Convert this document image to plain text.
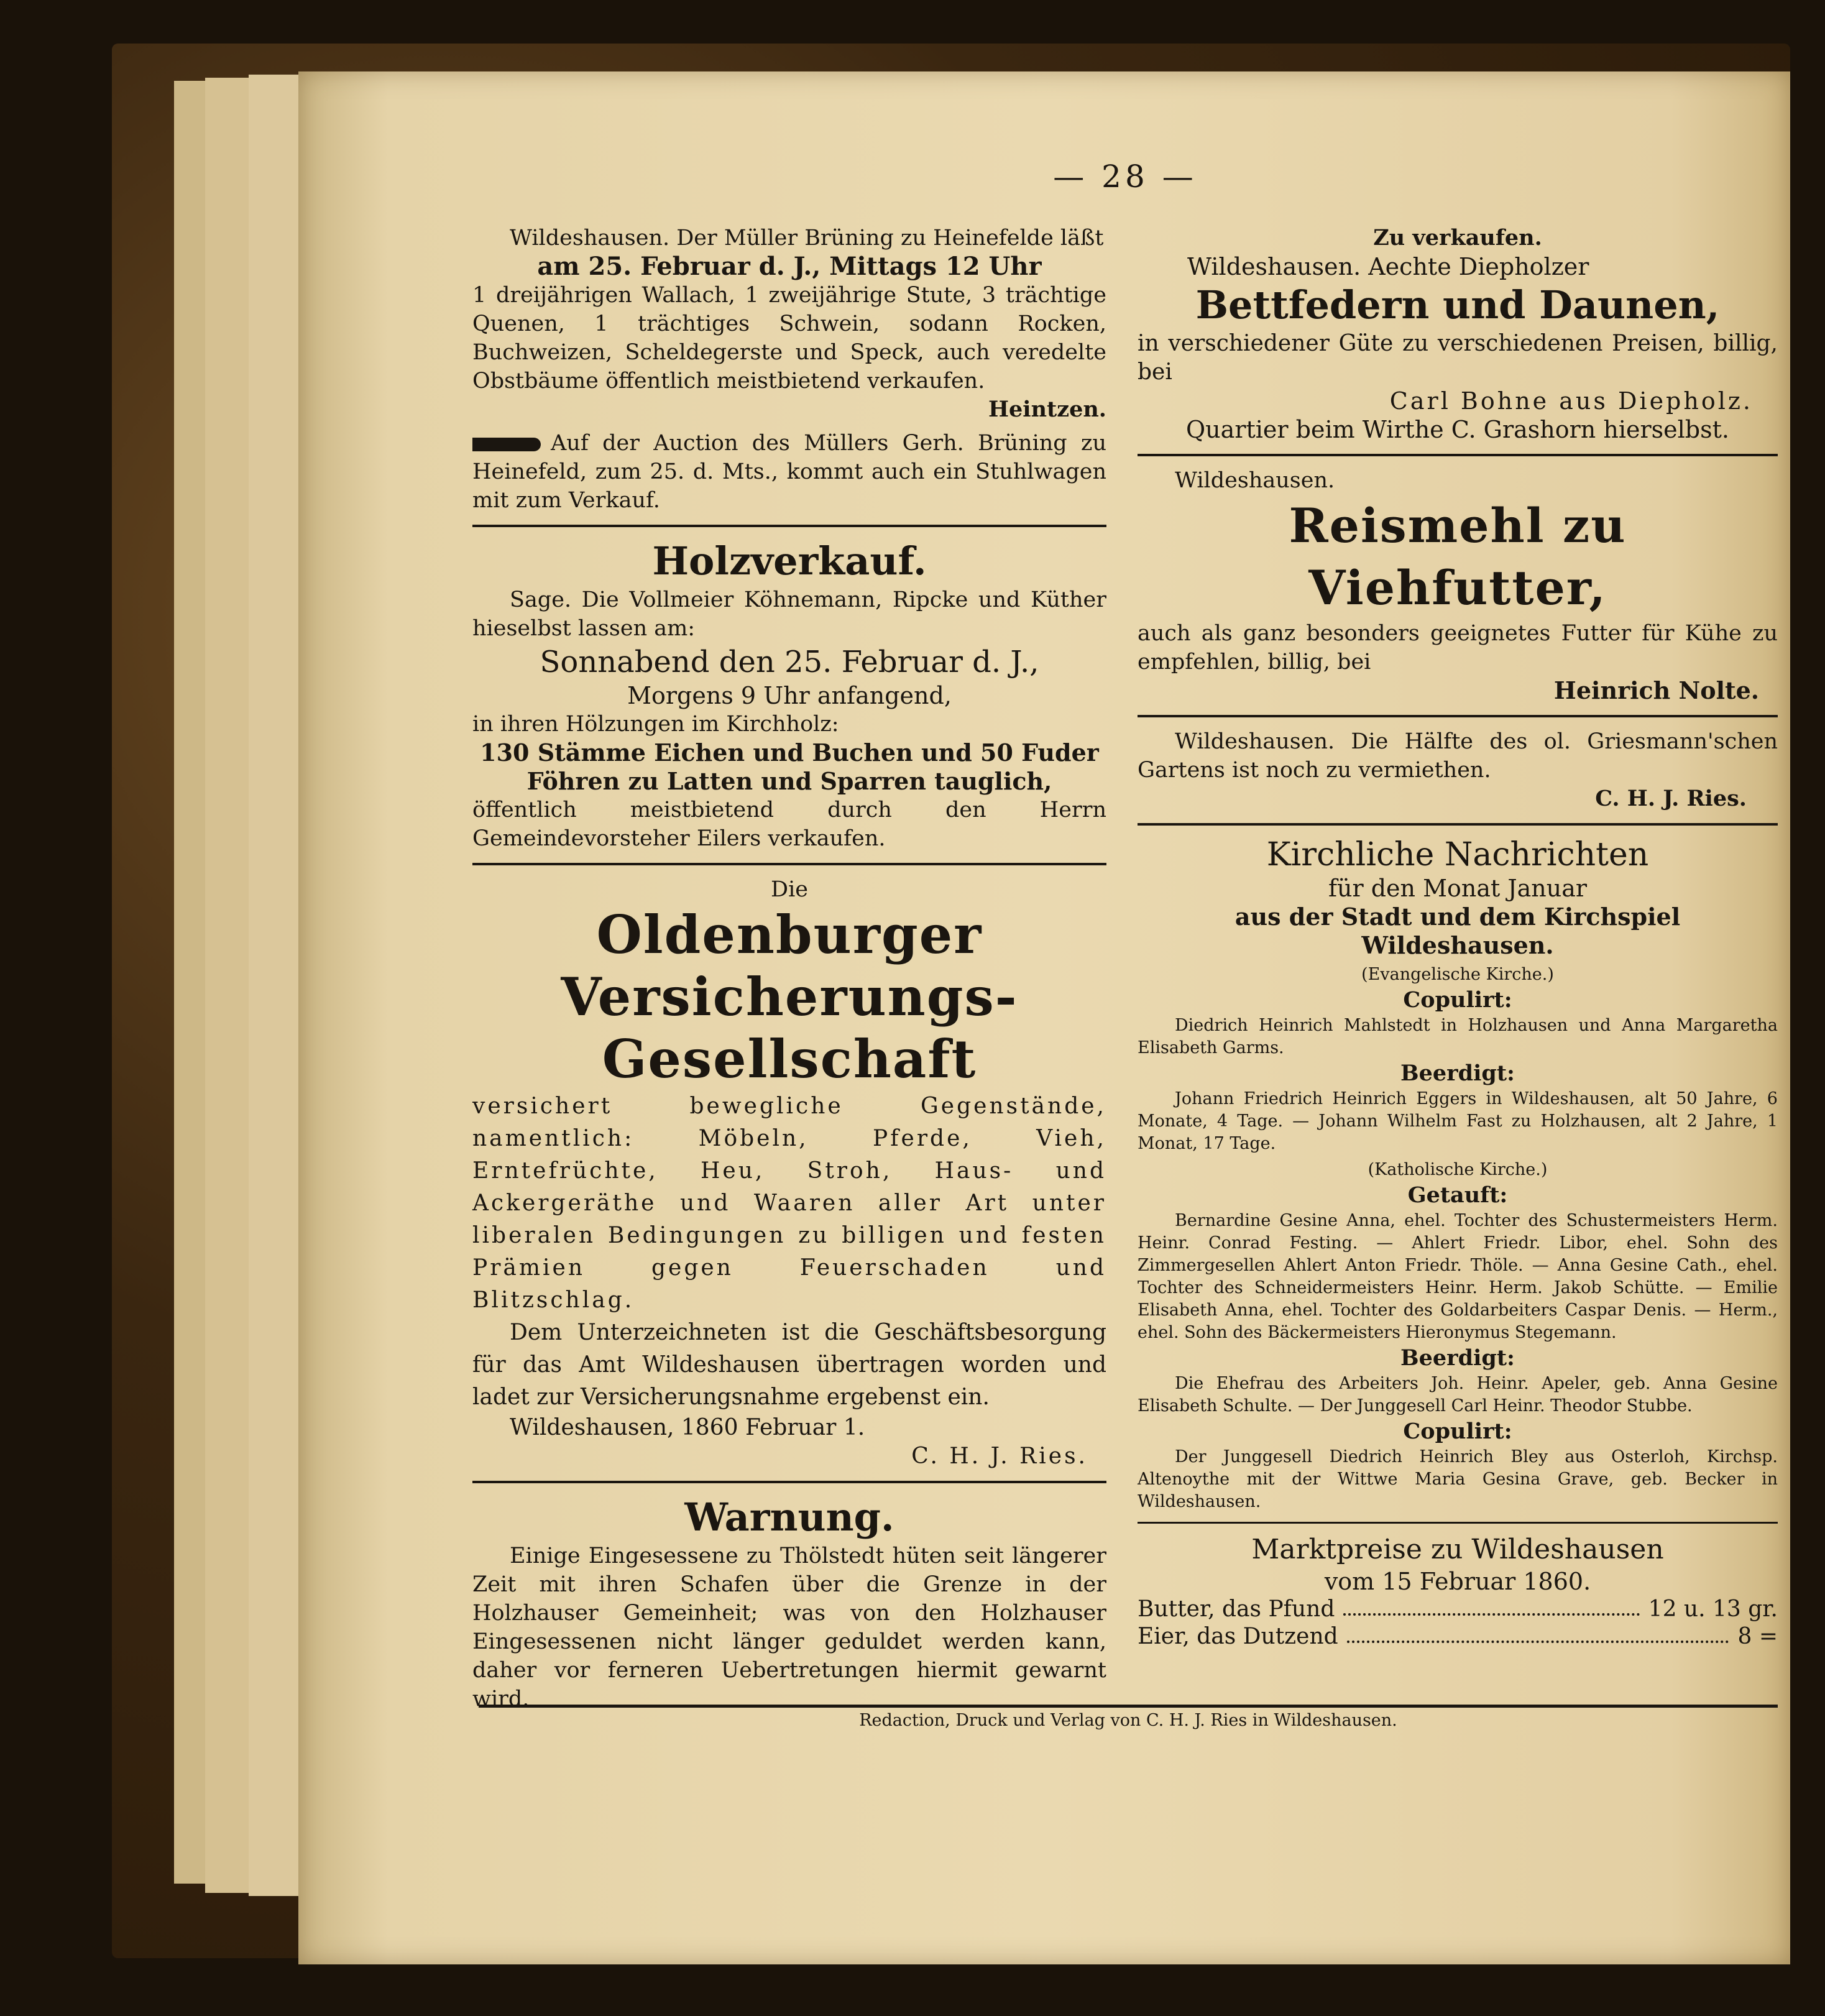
— 28 —

Wildeshausen. Der Müller Brüning zu Heinefelde läßt

am 25. Februar d. J., Mittags 12 Uhr

1 dreijährigen Wallach, 1 zweijährige Stute, 3 trächtige Quenen, 1 trächtiges Schwein, sodann Rocken, Buchweizen, Scheldegerste und Speck, auch veredelte Obstbäume öffentlich meistbietend verkaufen.

Heintzen.

Auf der Auction des Müllers Gerh. Brüning zu Heinefeld, zum 25. d. Mts., kommt auch ein Stuhlwagen mit zum Verkauf.

Holzverkauf.

Sage. Die Vollmeier Köhnemann, Ripcke und Küther hieselbst lassen am:

Sonnabend den 25. Februar d. J.,

Morgens 9 Uhr anfangend,

in ihren Hölzungen im Kirchholz:

130 Stämme Eichen und Buchen und 50 Fuder

Föhren zu Latten und Sparren tauglich,

öffentlich meistbietend durch den Herrn Gemeindevorsteher Eilers verkaufen.

Die

Oldenburger Versicherungs-

Gesellschaft

versichert bewegliche Gegenstände, namentlich: Möbeln, Pferde, Vieh, Erntefrüchte, Heu, Stroh, Haus- und Ackergeräthe und Waaren aller Art unter liberalen Bedingungen zu billigen und festen Prämien gegen Feuerschaden und Blitzschlag.

Dem Unterzeichneten ist die Geschäftsbesorgung für das Amt Wildeshausen übertragen worden und ladet zur Versicherungsnahme ergebenst ein.

Wildeshausen, 1860 Februar 1.

C. H. J. Ries.

Warnung.

Einige Eingesessene zu Thölstedt hüten seit längerer Zeit mit ihren Schafen über die Grenze in der Holzhauser Gemeinheit; was von den Holzhauser Eingesessenen nicht länger geduldet werden kann, daher vor ferneren Uebertretungen hiermit gewarnt wird.

Zu verkaufen.

Wildeshausen. Aechte Diepholzer

Bettfedern und Daunen,

in verschiedener Güte zu verschiedenen Preisen, billig, bei

Carl Bohne aus Diepholz.

Quartier beim Wirthe C. Grashorn hierselbst.

Wildeshausen.

Reismehl zu Viehfutter,

auch als ganz besonders geeignetes Futter für Kühe zu empfehlen, billig, bei

Heinrich Nolte.

Wildeshausen. Die Hälfte des ol. Griesmann'schen Gartens ist noch zu vermiethen.

C. H. J. Ries.

Kirchliche Nachrichten

für den Monat Januar

aus der Stadt und dem Kirchspiel Wildeshausen.

(Evangelische Kirche.)

Copulirt:

Diedrich Heinrich Mahlstedt in Holzhausen und Anna Margaretha Elisabeth Garms.

Beerdigt:

Johann Friedrich Heinrich Eggers in Wildeshausen, alt 50 Jahre, 6 Monate, 4 Tage. — Johann Wilhelm Fast zu Holzhausen, alt 2 Jahre, 1 Monat, 17 Tage.

(Katholische Kirche.)

Getauft:

Bernardine Gesine Anna, ehel. Tochter des Schustermeisters Herm. Heinr. Conrad Festing. — Ahlert Friedr. Libor, ehel. Sohn des Zimmergesellen Ahlert Anton Friedr. Thöle. — Anna Gesine Cath., ehel. Tochter des Schneidermeisters Heinr. Herm. Jakob Schütte. — Emilie Elisabeth Anna, ehel. Tochter des Goldarbeiters Caspar Denis. — Herm., ehel. Sohn des Bäckermeisters Hieronymus Stegemann.

Beerdigt:

Die Ehefrau des Arbeiters Joh. Heinr. Apeler, geb. Anna Gesine Elisabeth Schulte. — Der Junggesell Carl Heinr. Theodor Stubbe.

Copulirt:

Der Junggesell Diedrich Heinrich Bley aus Osterloh, Kirchsp. Altenoythe mit der Wittwe Maria Gesina Grave, geb. Becker in Wildeshausen.

Marktpreise zu Wildeshausen

vom 15 Februar 1860.

Butter, das Pfund	12 u. 13 gr.
Eier, das Dutzend	8 =
Redaction, Druck und Verlag von C. H. J. Ries in Wildeshausen.
